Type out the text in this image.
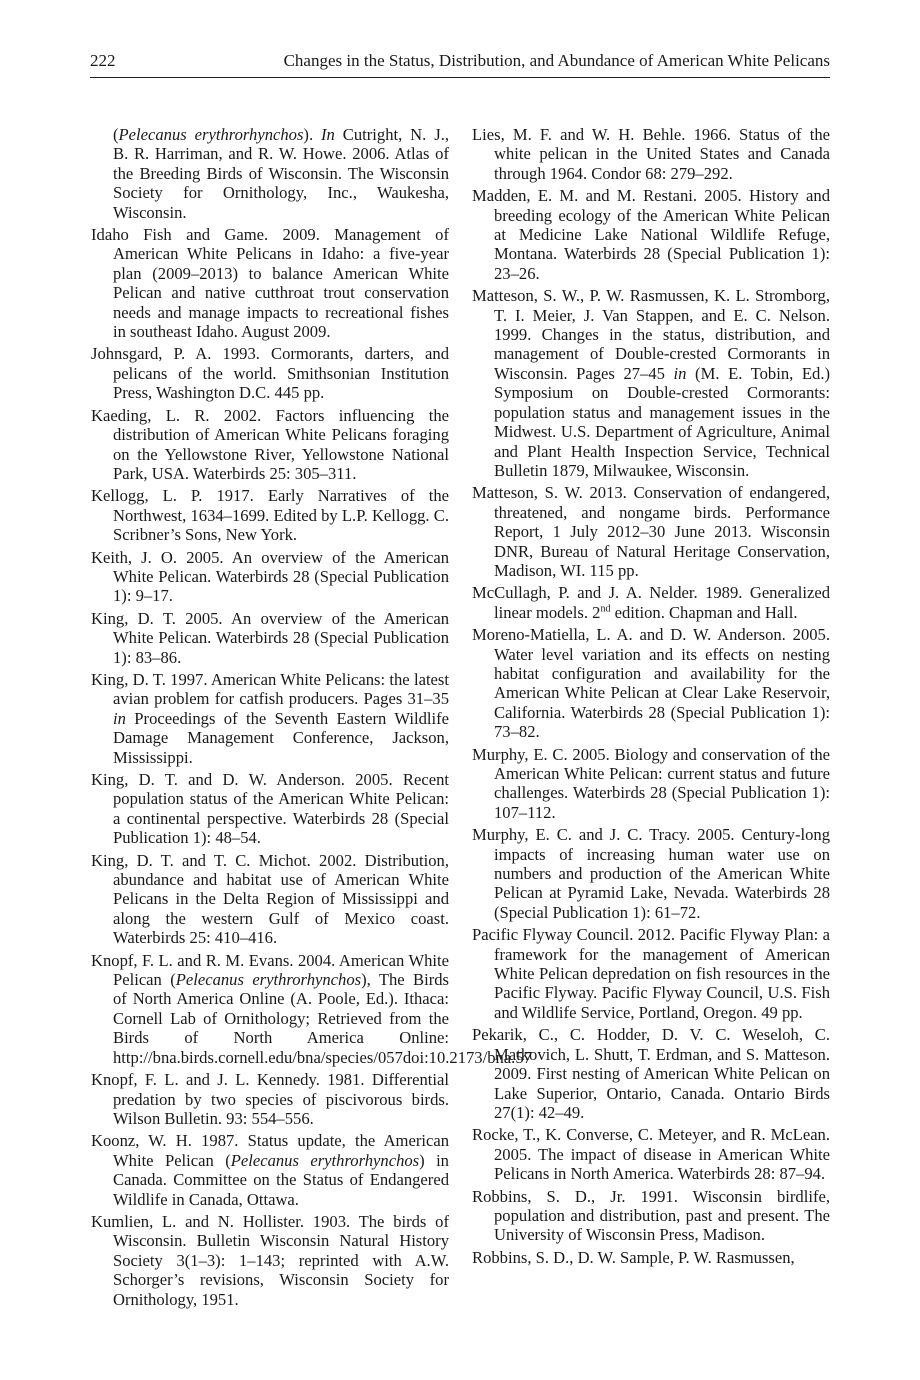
222	Changes in the Status, Distribution, and Abundance of American White Pelicans

(Pelecanus erythrorhynchos). In Cutright, N. J., B. R. Harriman, and R. W. Howe. 2006. Atlas of the Breeding Birds of Wisconsin. The Wisconsin Society for Ornithology, Inc., Waukesha, Wisconsin.

Idaho Fish and Game. 2009. Management of American White Pelicans in Idaho: a five-year plan (2009–2013) to balance American White Pelican and native cutthroat trout conservation needs and manage impacts to recreational fishes in southeast Idaho. August 2009.

Johnsgard, P. A. 1993. Cormorants, darters, and pelicans of the world. Smithsonian Institution Press, Washington D.C. 445 pp.

Kaeding, L. R. 2002. Factors influencing the distribution of American White Pelicans foraging on the Yellowstone River, Yellowstone National Park, USA. Waterbirds 25: 305–311.

Kellogg, L. P. 1917. Early Narratives of the Northwest, 1634–1699. Edited by L.P. Kellogg. C. Scribner’s Sons, New York.

Keith, J. O. 2005. An overview of the American White Pelican. Waterbirds 28 (Special Publication 1): 9–17.

King, D. T. 2005. An overview of the American White Pelican. Waterbirds 28 (Special Publication 1): 83–86.

King, D. T. 1997. American White Pelicans: the latest avian problem for catfish producers. Pages 31–35 in Proceedings of the Seventh Eastern Wildlife Damage Management Conference, Jackson, Mississippi.

King, D. T. and D. W. Anderson. 2005. Recent population status of the American White Pelican: a continental perspective. Waterbirds 28 (Special Publication 1): 48–54.

King, D. T. and T. C. Michot. 2002. Distribution, abundance and habitat use of American White Pelicans in the Delta Region of Mississippi and along the western Gulf of Mexico coast. Waterbirds 25: 410–416.

Knopf, F. L. and R. M. Evans. 2004. American White Pelican (Pelecanus erythrorhynchos), The Birds of North America Online (A. Poole, Ed.). Ithaca: Cornell Lab of Ornithology; Retrieved from the Birds of North America Online: http://bna.birds.cornell.edu/bna/species/057doi:10.2173/bna.57

Knopf, F. L. and J. L. Kennedy. 1981. Differential predation by two species of piscivorous birds. Wilson Bulletin. 93: 554–556.

Koonz, W. H. 1987. Status update, the American White Pelican (Pelecanus erythrorhynchos) in Canada. Committee on the Status of Endangered Wildlife in Canada, Ottawa.

Kumlien, L. and N. Hollister. 1903. The birds of Wisconsin. Bulletin Wisconsin Natural History Society 3(1–3): 1–143; reprinted with A.W. Schorger’s revisions, Wisconsin Society for Ornithology, 1951.

Lies, M. F. and W. H. Behle. 1966. Status of the white pelican in the United States and Canada through 1964. Condor 68: 279–292.

Madden, E. M. and M. Restani. 2005. History and breeding ecology of the American White Pelican at Medicine Lake National Wildlife Refuge, Montana. Waterbirds 28 (Special Publication 1): 23–26.

Matteson, S. W., P. W. Rasmussen, K. L. Stromborg, T. I. Meier, J. Van Stappen, and E. C. Nelson. 1999. Changes in the status, distribution, and management of Double-crested Cormorants in Wisconsin. Pages 27–45 in (M. E. Tobin, Ed.) Symposium on Double-crested Cormorants: population status and management issues in the Midwest. U.S. Department of Agriculture, Animal and Plant Health Inspection Service, Technical Bulletin 1879, Milwaukee, Wisconsin.

Matteson, S. W. 2013. Conservation of endangered, threatened, and nongame birds. Performance Report, 1 July 2012–30 June 2013. Wisconsin DNR, Bureau of Natural Heritage Conservation, Madison, WI. 115 pp.

McCullagh, P. and J. A. Nelder. 1989. Generalized linear models. 2nd edition. Chapman and Hall.

Moreno-Matiella, L. A. and D. W. Anderson. 2005. Water level variation and its effects on nesting habitat configuration and availability for the American White Pelican at Clear Lake Reservoir, California. Waterbirds 28 (Special Publication 1): 73–82.

Murphy, E. C. 2005. Biology and conservation of the American White Pelican: current status and future challenges. Waterbirds 28 (Special Publication 1): 107–112.

Murphy, E. C. and J. C. Tracy. 2005. Century-long impacts of increasing human water use on numbers and production of the American White Pelican at Pyramid Lake, Nevada. Waterbirds 28 (Special Publication 1): 61–72.

Pacific Flyway Council. 2012. Pacific Flyway Plan: a framework for the management of American White Pelican depredation on fish resources in the Pacific Flyway. Pacific Flyway Council, U.S. Fish and Wildlife Service, Portland, Oregon. 49 pp.

Pekarik, C., C. Hodder, D. V. C. Weseloh, C. Matkovich, L. Shutt, T. Erdman, and S. Matteson. 2009. First nesting of American White Pelican on Lake Superior, Ontario, Canada. Ontario Birds 27(1): 42–49.

Rocke, T., K. Converse, C. Meteyer, and R. McLean. 2005. The impact of disease in American White Pelicans in North America. Waterbirds 28: 87–94.

Robbins, S. D., Jr. 1991. Wisconsin birdlife, population and distribution, past and present. The University of Wisconsin Press, Madison.

Robbins, S. D., D. W. Sample, P. W. Rasmussen,
